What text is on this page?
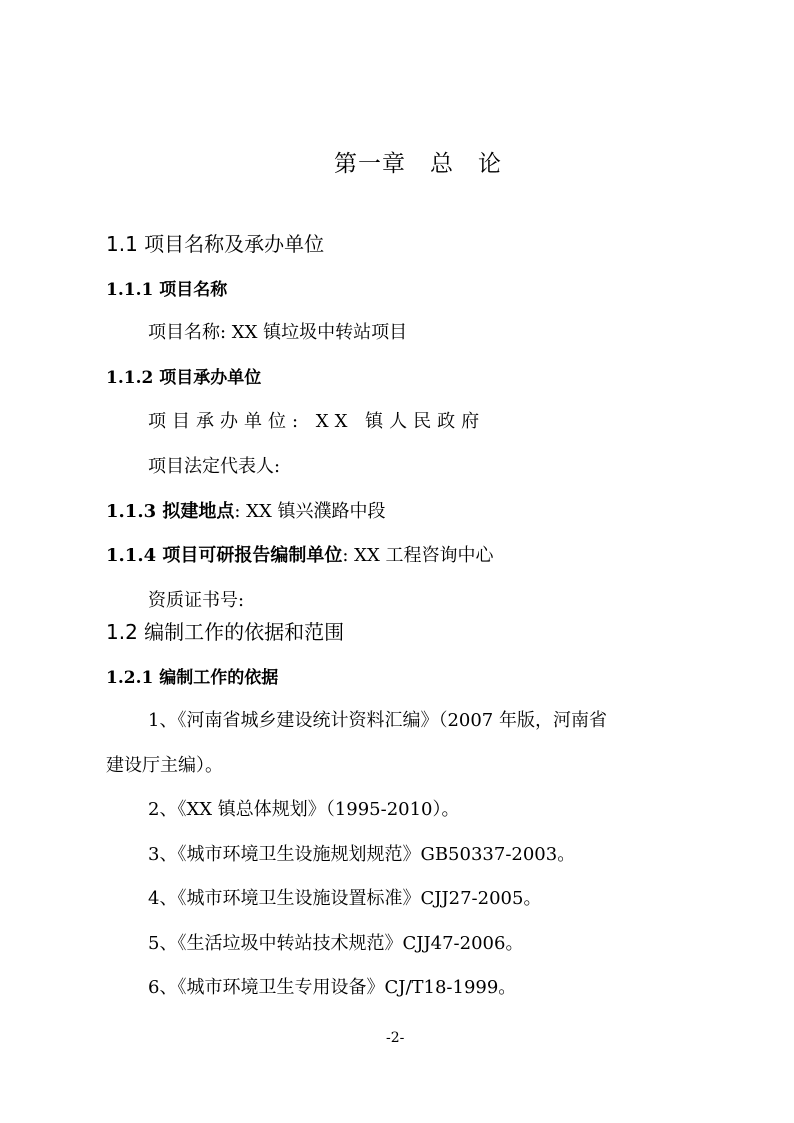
第一章　总　论
1.1 项目名称及承办单位
1.1.1 项目名称
项目名称: XX 镇垃圾中转站项目
1.1.2 项目承办单位
项目承办单位: XX 镇人民政府
项目法定代表人:
1.1.3 拟建地点: XX 镇兴濮路中段
1.1.4 项目可研报告编制单位: XX 工程咨询中心
资质证书号:
1.2 编制工作的依据和范围
1.2.1 编制工作的依据
1、《河南省城乡建设统计资料汇编》（2007 年版，河南省
建设厅主编）。
2、《XX 镇总体规划》（1995-2010）。
3、《城市环境卫生设施规划规范》GB50337-2003。
4、《城市环境卫生设施设置标准》CJJ27-2005。
5、《生活垃圾中转站技术规范》CJJ47-2006。
6、《城市环境卫生专用设备》CJ/T18-1999。
-2-
